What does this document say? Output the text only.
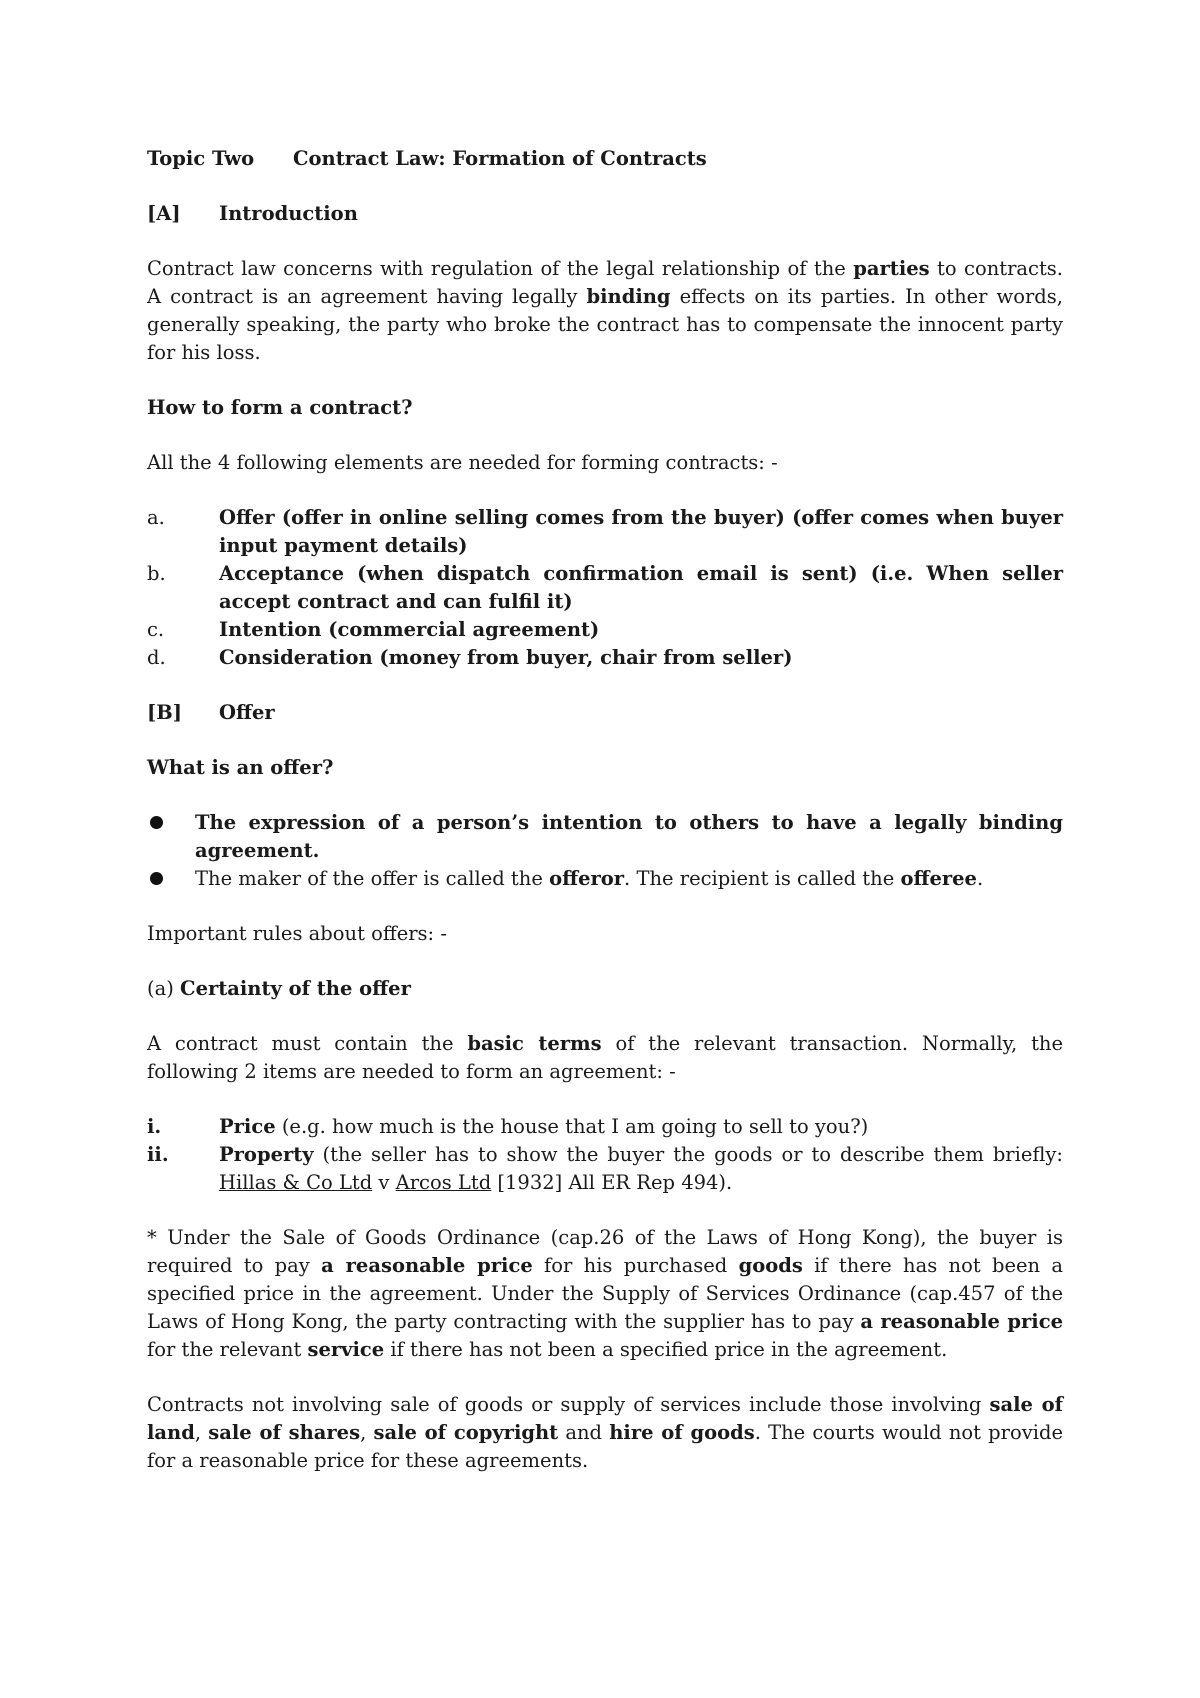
Topic Two	Contract Law: Formation of Contracts
[A]	Introduction

Contract law concerns with regulation of the legal relationship of the parties to contracts. A contract is an agreement having legally binding effects on its parties. In other words, generally speaking, the party who broke the contract has to compensate the innocent party for his loss.

How to form a contract?

All the 4 following elements are needed for forming contracts: -

a.	Offer (offer in online selling comes from the buyer) (offer comes when buyer input payment details)
b.	Acceptance (when dispatch confirmation email is sent) (i.e. When seller accept contract and can fulfil it)
c.	Intention (commercial agreement)
d.	Consideration (money from buyer, chair from seller)
[B]	Offer

What is an offer?

The expression of a person’s intention to others to have a legally binding agreement.
The maker of the offer is called the offeror. The recipient is called the offeree.

Important rules about offers: -

(a) Certainty of the offer

A contract must contain the basic terms of the relevant transaction. Normally, the following 2 items are needed to form an agreement: -

i.	Price (e.g. how much is the house that I am going to sell to you?)
ii.	Property (the seller has to show the buyer the goods or to describe them briefly: Hillas & Co Ltd v Arcos Ltd [1932] All ER Rep 494).

* Under the Sale of Goods Ordinance (cap.26 of the Laws of Hong Kong), the buyer is required to pay a reasonable price for his purchased goods if there has not been a specified price in the agreement. Under the Supply of Services Ordinance (cap.457 of the Laws of Hong Kong, the party contracting with the supplier has to pay a reasonable price for the relevant service if there has not been a specified price in the agreement.

Contracts not involving sale of goods or supply of services include those involving sale of land, sale of shares, sale of copyright and hire of goods. The courts would not provide for a reasonable price for these agreements.
